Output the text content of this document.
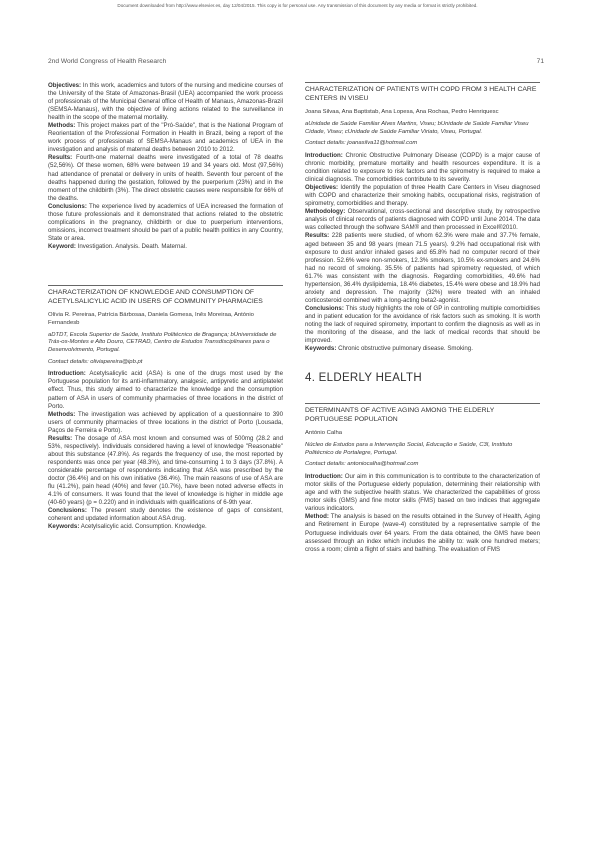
Document downloaded from http://www.elsevier.es, day 12/04/2015. This copy is for personal use. Any transmission of this document by any media or format is strictly prohibited.
2nd World Congress of Health Research	71

Objectives: In this work, academics and tutors of the nursing and medicine courses of the University of the State of Amazonas-Brasil (UEA) accompanied the work process of professionals of the Municipal General office of Health of Manaus, Amazonas-Brazil (SEMSA-Manaus), with the objective of living actions related to the surveillance in health in the scope of the maternal mortality.

Methods: This project makes part of the "Pró-Saúde", that is the National Program of Reorientation of the Professional Formation in Health in Brazil, being a report of the work process of professionals of SEMSA-Manaus and academics of UEA in the investigation and analysis of maternal deaths between 2010 to 2012.

Results: Fourth-one maternal deaths were investigated of a total of 78 deaths (52,56%). Of these women, 68% were between 19 and 34 years old. Most (97,56%) had attendance of prenatal or delivery in units of health. Seventh four percent of the deaths happened during the gestation, followed by the puerperium (23%) and in the moment of the childbirth (3%). The direct obstetric causes were responsible for 66% of the deaths.

Conclusions: The experience lived by academics of UEA increased the formation of those future professionals and it demonstrated that actions related to the obstetric complications in the pregnancy, childbirth or due to puerperium interventions, omissions, incorrect treatment should be part of a public health politics in any Country, State or area.

Keyword: Investigation. Analysis. Death. Maternal.

CHARACTERIZATION OF KNOWLEDGE AND CONSUMPTION OF ACETYLSALICYLIC ACID IN USERS OF COMMUNITY PHARMACIES

Olívia R. Pereiraa, Patrícia Bárbosaa, Daniela Gomesa, Inês Moreiraa, António Fernandesb

aDTDT, Escola Superior de Saúde, Instituto Politécnico de Bragança; bUniversidade de Trás-os-Montes e Alto Douro, CETRAD, Centro de Estudos Transdisciplinares para o Desenvolvimento, Portugal.

Contact details: oliviapereira@ipb.pt

Introduction: Acetylsalicylic acid (ASA) is one of the drugs most used by the Portuguese population for its anti-inflammatory, analgesic, antipyretic and antiplatelet effect. Thus, this study aimed to characterize the knowledge and the consumption pattern of ASA in users of community pharmacies of three locations in the district of Porto.

Methods: The investigation was achieved by application of a questionnaire to 390 users of community pharmacies of three locations in the district of Porto (Lousada, Paços de Ferreira e Porto).

Results: The dosage of ASA most known and consumed was of 500mg (28.2 and 53%, respectively). Individuals considered having a level of knowledge "Reasonable" about this substance (47.8%). As regards the frequency of use, the most reported by respondents was once per year (48.3%), and time-consuming 1 to 3 days (37.8%). A considerable percentage of respondents indicating that ASA was prescribed by the doctor (36.4%) and on his own initiative (36.4%). The main reasons of use of ASA are flu (41.2%), pain head (40%) and fever (10.7%), have been noted adverse effects in 4.1% of consumers. It was found that the level of knowledge is higher in middle age (40-60 years) (p = 0.220) and in individuals with qualifications of 6-9th year.

Conclusions: The present study denotes the existence of gaps of consistent, coherent and updated information about ASA drug.

Keywords: Acetylsalicylic acid. Consumption. Knowledge.

CHARACTERIZATION OF PATIENTS WITH COPD FROM 3 HEALTH CARE CENTERS IN VISEU

Joana Silvaa, Ana Baptistab, Ana Lopesa, Ana Rochaa, Pedro Henriquesc

aUnidade de Saúde Familiar Alves Martins, Viseu; bUnidade de Saúde Familiar Viseu Cidade, Viseu; cUnidade de Saúde Familiar Viriato, Viseu, Portugal.

Contact details: joanasilva11@hotmail.com

Introduction: Chronic Obstructive Pulmonary Disease (COPD) is a major cause of chronic morbidity, premature mortality and health resources expenditure. It is a condition related to exposure to risk factors and the spirometry is required to make a clinical diagnosis. The comorbidities contribute to its severity.

Objectives: Identify the population of three Health Care Centers in Viseu diagnosed with COPD and characterize their smoking habits, occupational risks, registration of spirometry, comorbidities and therapy.

Methodology: Observational, cross-sectional and descriptive study, by retrospective analysis of clinical records of patients diagnosed with COPD until June 2014. The data was collected through the software SAM® and then processed in Excel®2010.

Results: 228 patients were studied, of whom 62.3% were male and 37.7% female, aged between 35 and 98 years (mean 71.5 years). 9.2% had occupational risk with exposure to dust and/or inhaled gases and 65.8% had no computer record of their profession. 52.6% were non-smokers, 12.3% smokers, 10.5% ex-smokers and 24.6% had no record of smoking. 35.5% of patients had spirometry requested, of which 61.7% was consistent with the diagnosis. Regarding comorbidities, 49.6% had hypertension, 36.4% dyslipidemia, 18.4% diabetes, 15.4% were obese and 18.9% had anxiety and depression. The majority (32%) were treated with an inhaled corticosteroid combined with a long-acting beta2-agonist.

Conclusions: This study highlights the role of GP in controlling multiple comorbidities and in patient education for the avoidance of risk factors such as smoking. It is worth noting the lack of required spirometry, important to confirm the diagnosis as well as in the monitoring of the disease, and the lack of medical records that should be improved.

Keywords: Chronic obstructive pulmonary disease. Smoking.

4. ELDERLY HEALTH

DETERMINANTS OF ACTIVE AGING AMONG THE ELDERLY PORTUGUESE POPULATION

António Calha

Núcleo de Estudos para a Intervenção Social, Educação e Saúde, C3I, Instituto Politécnico de Portalegre, Portugal.

Contact details: antoniocalha@hotmail.com

Introduction: Our aim in this communication is to contribute to the characterization of motor skills of the Portuguese elderly population, determining their relationship with age and with the subjective health status. We characterized the capabilities of gross motor skills (GMS) and fine motor skills (FMS) based on two indices that aggregate various indicators.

Method: The analysis is based on the results obtained in the Survey of Health, Aging and Retirement in Europe (wave-4) constituted by a representative sample of the Portuguese individuals over 64 years. From the data obtained, the GMS have been assessed through an index which includes the ability to: walk one hundred meters; cross a room; climb a flight of stairs and bathing. The evaluation of FMS
